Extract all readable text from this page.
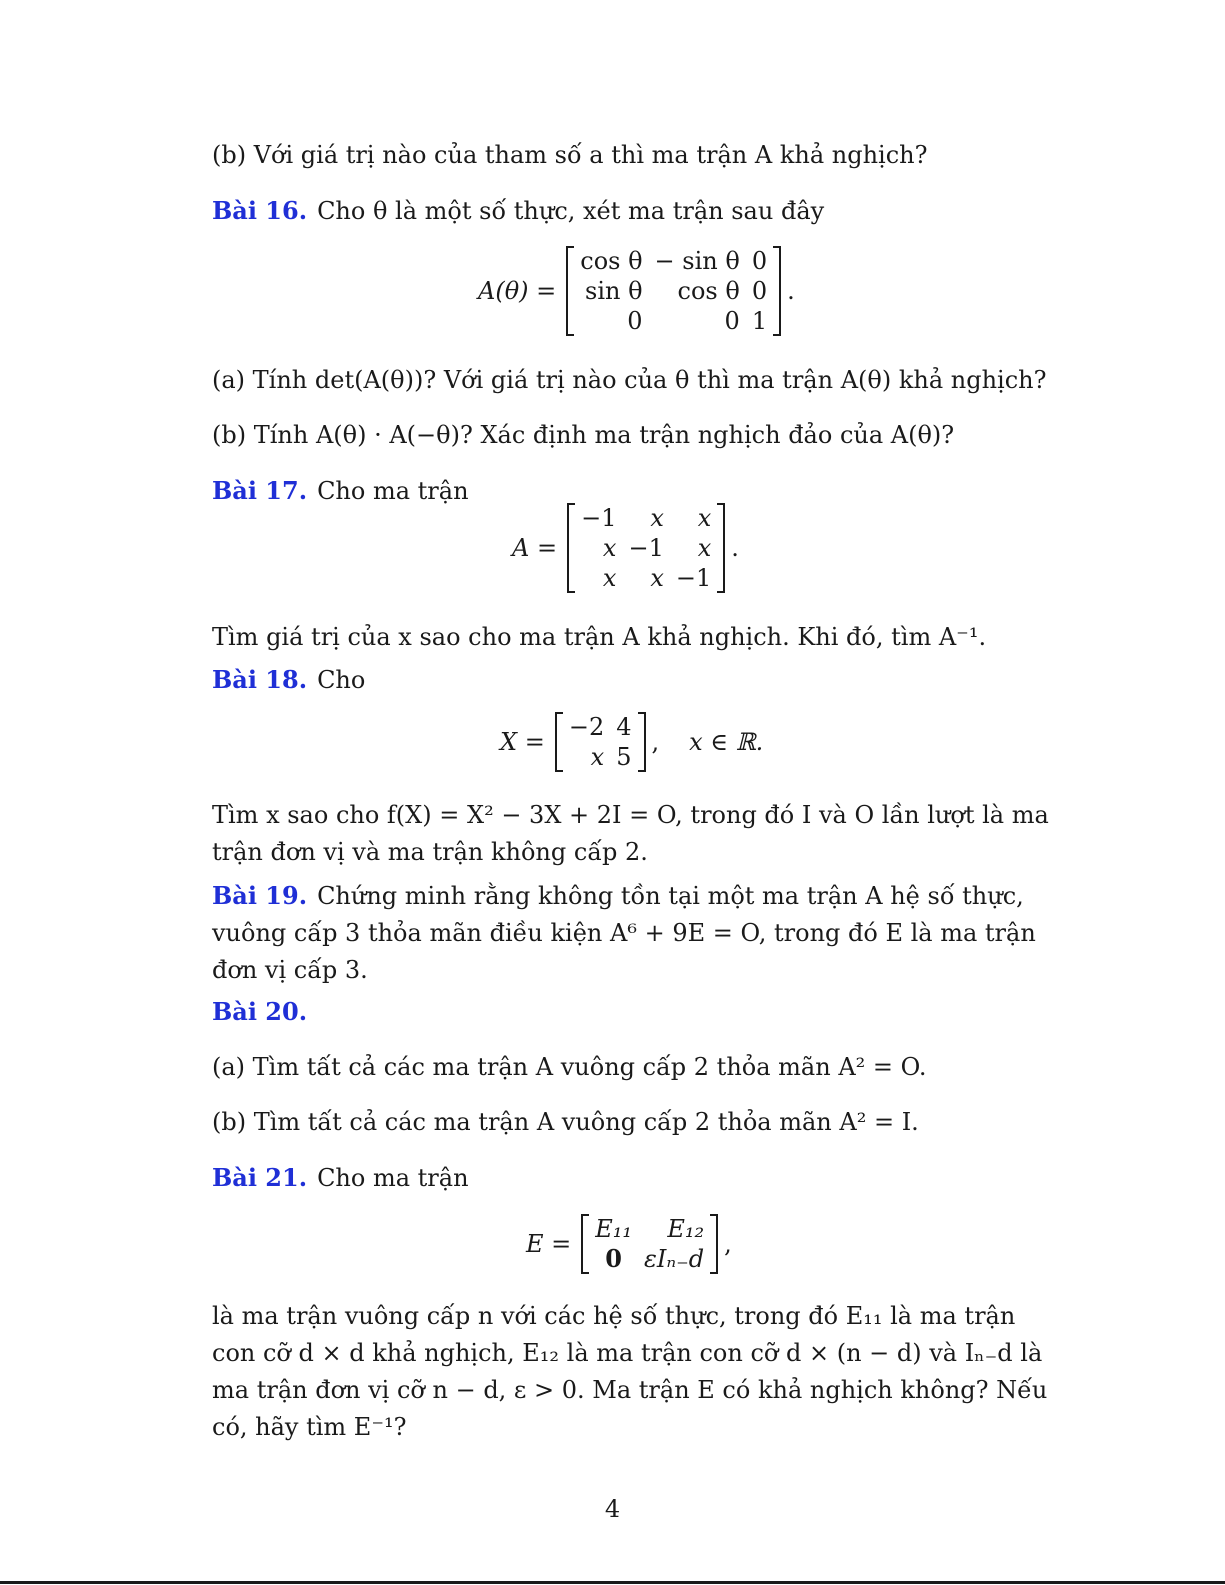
(b) Với giá trị nào của tham số a thì ma trận A khả nghịch?
Bài 16. Cho θ là một số thực, xét ma trận sau đây
A(θ) =
cos θ	− sin θ	0
sin θ	cos θ	0
0	0	1
.
(a) Tính det(A(θ))? Với giá trị nào của θ thì ma trận A(θ) khả nghịch?
(b) Tính A(θ) · A(−θ)? Xác định ma trận nghịch đảo của A(θ)?
Bài 17. Cho ma trận
A =
−1	x	x
x	−1	x
x	x	−1
.
Tìm giá trị của x sao cho ma trận A khả nghịch. Khi đó, tìm A⁻¹.
Bài 18. Cho
X =
−2	4
x	5
, x ∈ ℝ.
Tìm x sao cho f(X) = X² − 3X + 2I = O, trong đó I và O lần lượt là ma trận đơn vị và ma trận không cấp 2.
Bài 19. Chứng minh rằng không tồn tại một ma trận A hệ số thực, vuông cấp 3 thỏa mãn điều kiện A⁶ + 9E = O, trong đó E là ma trận đơn vị cấp 3.
Bài 20.
(a) Tìm tất cả các ma trận A vuông cấp 2 thỏa mãn A² = O.
(b) Tìm tất cả các ma trận A vuông cấp 2 thỏa mãn A² = I.
Bài 21. Cho ma trận
E =
E₁₁	E₁₂
0	εIₙ₋d
,
là ma trận vuông cấp n với các hệ số thực, trong đó E₁₁ là ma trận con cỡ d × d khả nghịch, E₁₂ là ma trận con cỡ d × (n − d) và Iₙ₋d là ma trận đơn vị cỡ n − d, ε > 0. Ma trận E có khả nghịch không? Nếu có, hãy tìm E⁻¹?
4
